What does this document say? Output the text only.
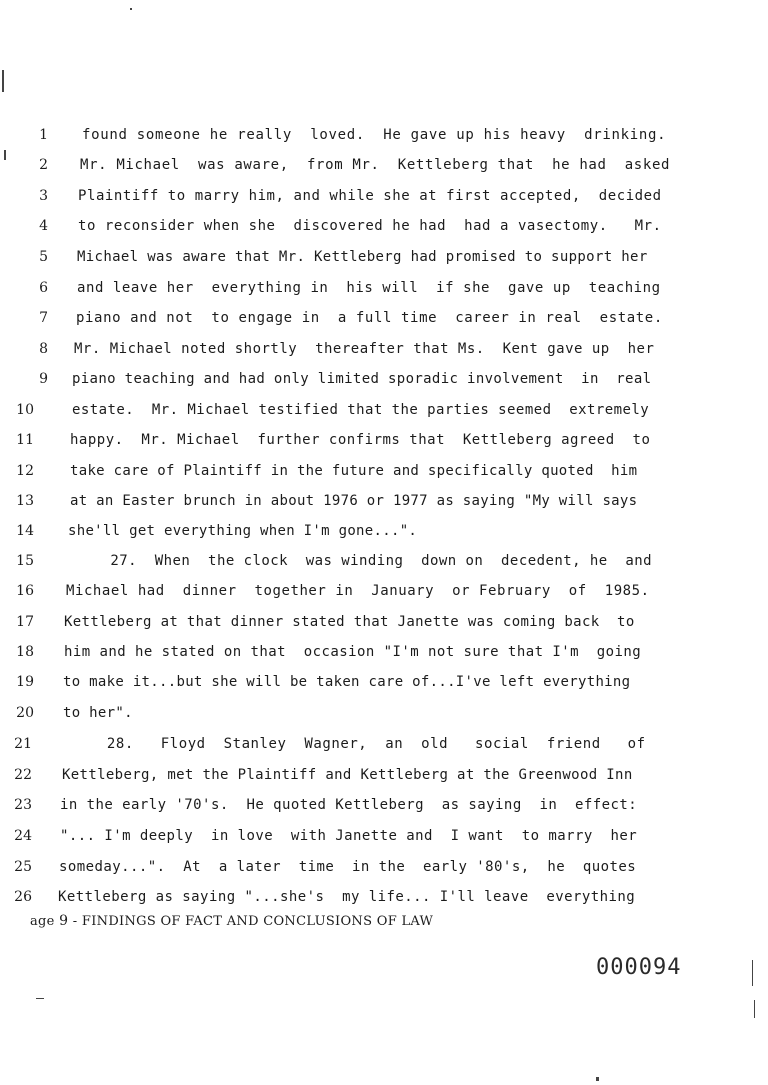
1 found someone he really  loved.  He gave up his heavy  drinking.
2 Mr. Michael  was aware,  from Mr.  Kettleberg that  he had  asked
3 Plaintiff to marry him, and while she at first accepted,  decided
4 to reconsider when she  discovered he had  had a vasectomy.   Mr.
5 Michael was aware that Mr. Kettleberg had promised to support her
6 and leave her  everything in  his will  if she  gave up  teaching
7 piano and not  to engage in  a full time  career in real  estate.
8 Mr. Michael noted shortly  thereafter that Ms.  Kent gave up  her
9 piano teaching and had only limited sporadic involvement  in  real
10	estate.  Mr. Michael testified that the parties seemed  extremely
11	happy.  Mr. Michael  further confirms that  Kettleberg agreed  to
12	take care of Plaintiff in the future and specifically quoted  him
13	at an Easter brunch in about 1976 or 1977 as saying "My will says
14 she'll get everything when I'm gone...".
15 27.  When  the clock  was winding  down on  decedent, he  and
16 Michael had  dinner  together in  January  or February  of  1985.
17 Kettleberg at that dinner stated that Janette was coming back  to
18 him and he stated on that  occasion "I'm not sure that I'm  going
19 to make it...but she will be taken care of...I've left everything
20 to her".
21 28.   Floyd  Stanley  Wagner,  an  old   social  friend   of
22 Kettleberg, met the Plaintiff and Kettleberg at the Greenwood Inn
23 in the early '70's.  He quoted Kettleberg  as saying  in  effect:
24 "... I'm deeply  in love  with Janette and  I want  to marry  her
25 someday...".  At  a later  time  in the  early '80's,  he  quotes
26 Kettleberg as saying "...she's  my life... I'll leave  everything
age 9 - FINDINGS OF FACT AND CONCLUSIONS OF LAW
000094
